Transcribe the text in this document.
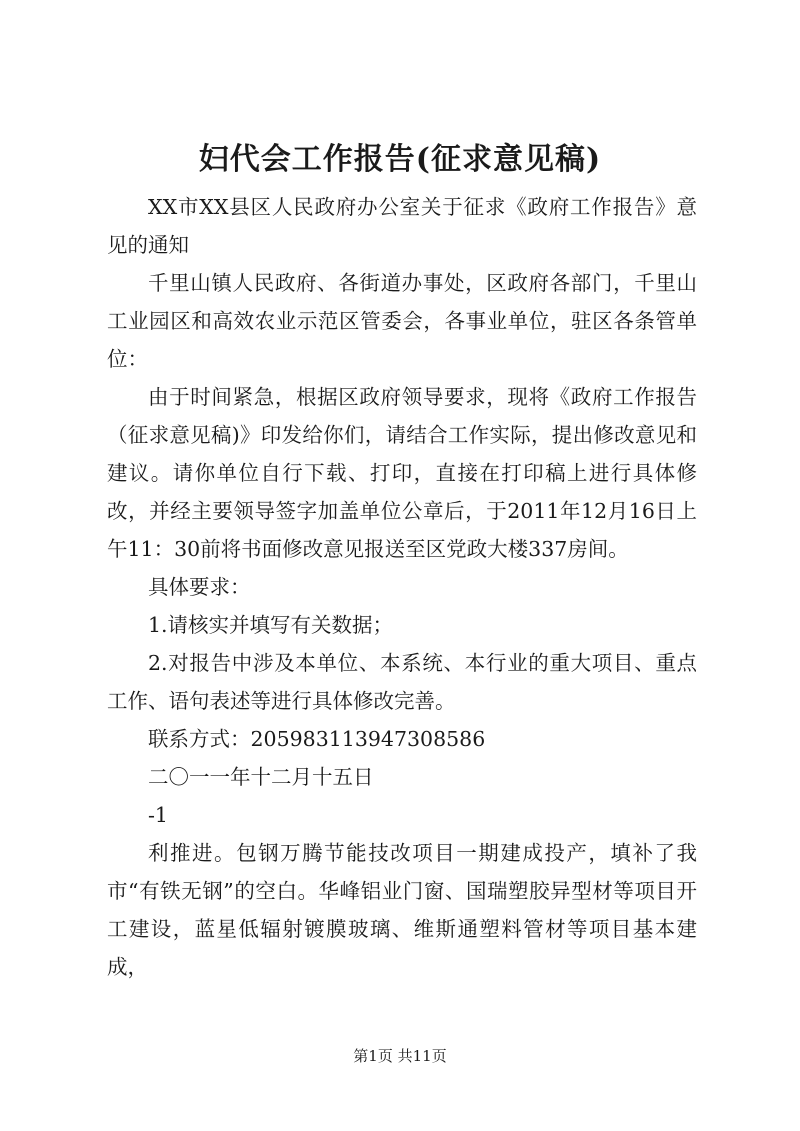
妇代会工作报告(征求意见稿)

XX市XX县区人民政府办公室关于征求《政府工作报告》意见的通知

千里山镇人民政府、各街道办事处，区政府各部门，千里山工业园区和高效农业示范区管委会，各事业单位，驻区各条管单位：

由于时间紧急，根据区政府领导要求，现将《政府工作报告（征求意见稿)》印发给你们，请结合工作实际，提出修改意见和建议。请你单位自行下载、打印，直接在打印稿上进行具体修改，并经主要领导签字加盖单位公章后，于2011年12月16日上午11：30前将书面修改意见报送至区党政大楼337房间。

具体要求：

1.请核实并填写有关数据；

2.对报告中涉及本单位、本系统、本行业的重大项目、重点工作、语句表述等进行具体修改完善。

联系方式：205983113947308586

二〇一一年十二月十五日

-1

利推进。包钢万腾节能技改项目一期建成投产，填补了我市“有铁无钢”的空白。华峰铝业门窗、国瑞塑胶异型材等项目开工建设，蓝星低辐射镀膜玻璃、维斯通塑料管材等项目基本建成，

第1页 共11页
